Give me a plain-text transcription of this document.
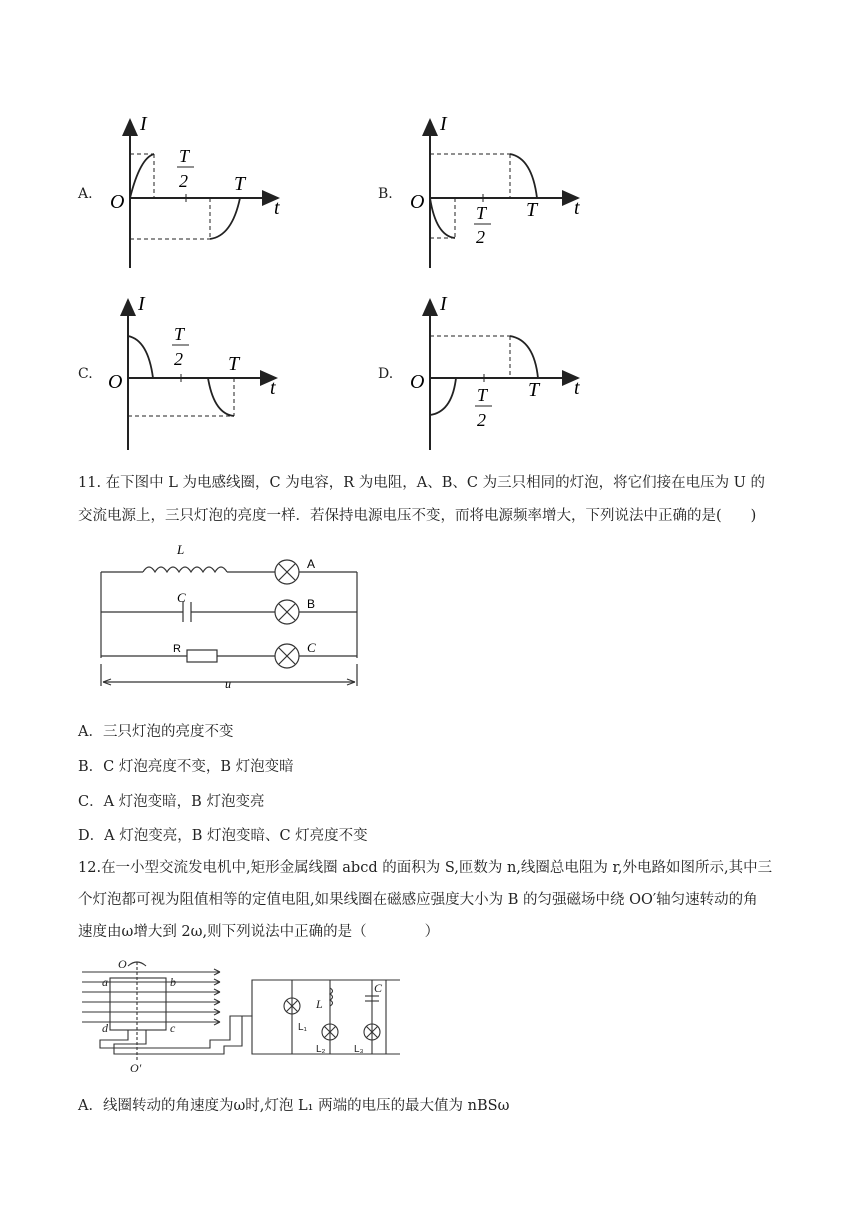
A.
I
O	t
T
2 T	B.
I
O	t
T
2
T
C.
I
O	t
T
2 T	D.
I
O	t
T
2
T
11. 在下图中 L 为电感线圈，C 为电容，R 为电阻，A、B、C 为三只相同的灯泡，将它们接在电压为 U 的
交流电源上，三只灯泡的亮度一样．若保持电源电压不变，而将电源频率增大，下列说法中正确的是(　　)
L
A
C	B
R	C
u
A．三只灯泡的亮度不变
B．C 灯泡亮度不变，B 灯泡变暗
C．A 灯泡变暗，B 灯泡变亮
D．A 灯泡变亮，B 灯泡变暗、C 灯亮度不变
12.在一小型交流发电机中,矩形金属线圈 abcd 的面积为 S,匝数为 n,线圈总电阻为 r,外电路如图所示,其中三
个灯泡都可视为阻值相等的定值电阻,如果线圈在磁感应强度大小为 B 的匀强磁场中绕 OO′轴匀速转动的角
速度由ω增大到 2ω,则下列说法中正确的是（　　　　）
O
O′
a	b
d	c
L
C
L₁
L₂	L₃
A．线圈转动的角速度为ω时,灯泡 L₁ 两端的电压的最大值为 nBSω
